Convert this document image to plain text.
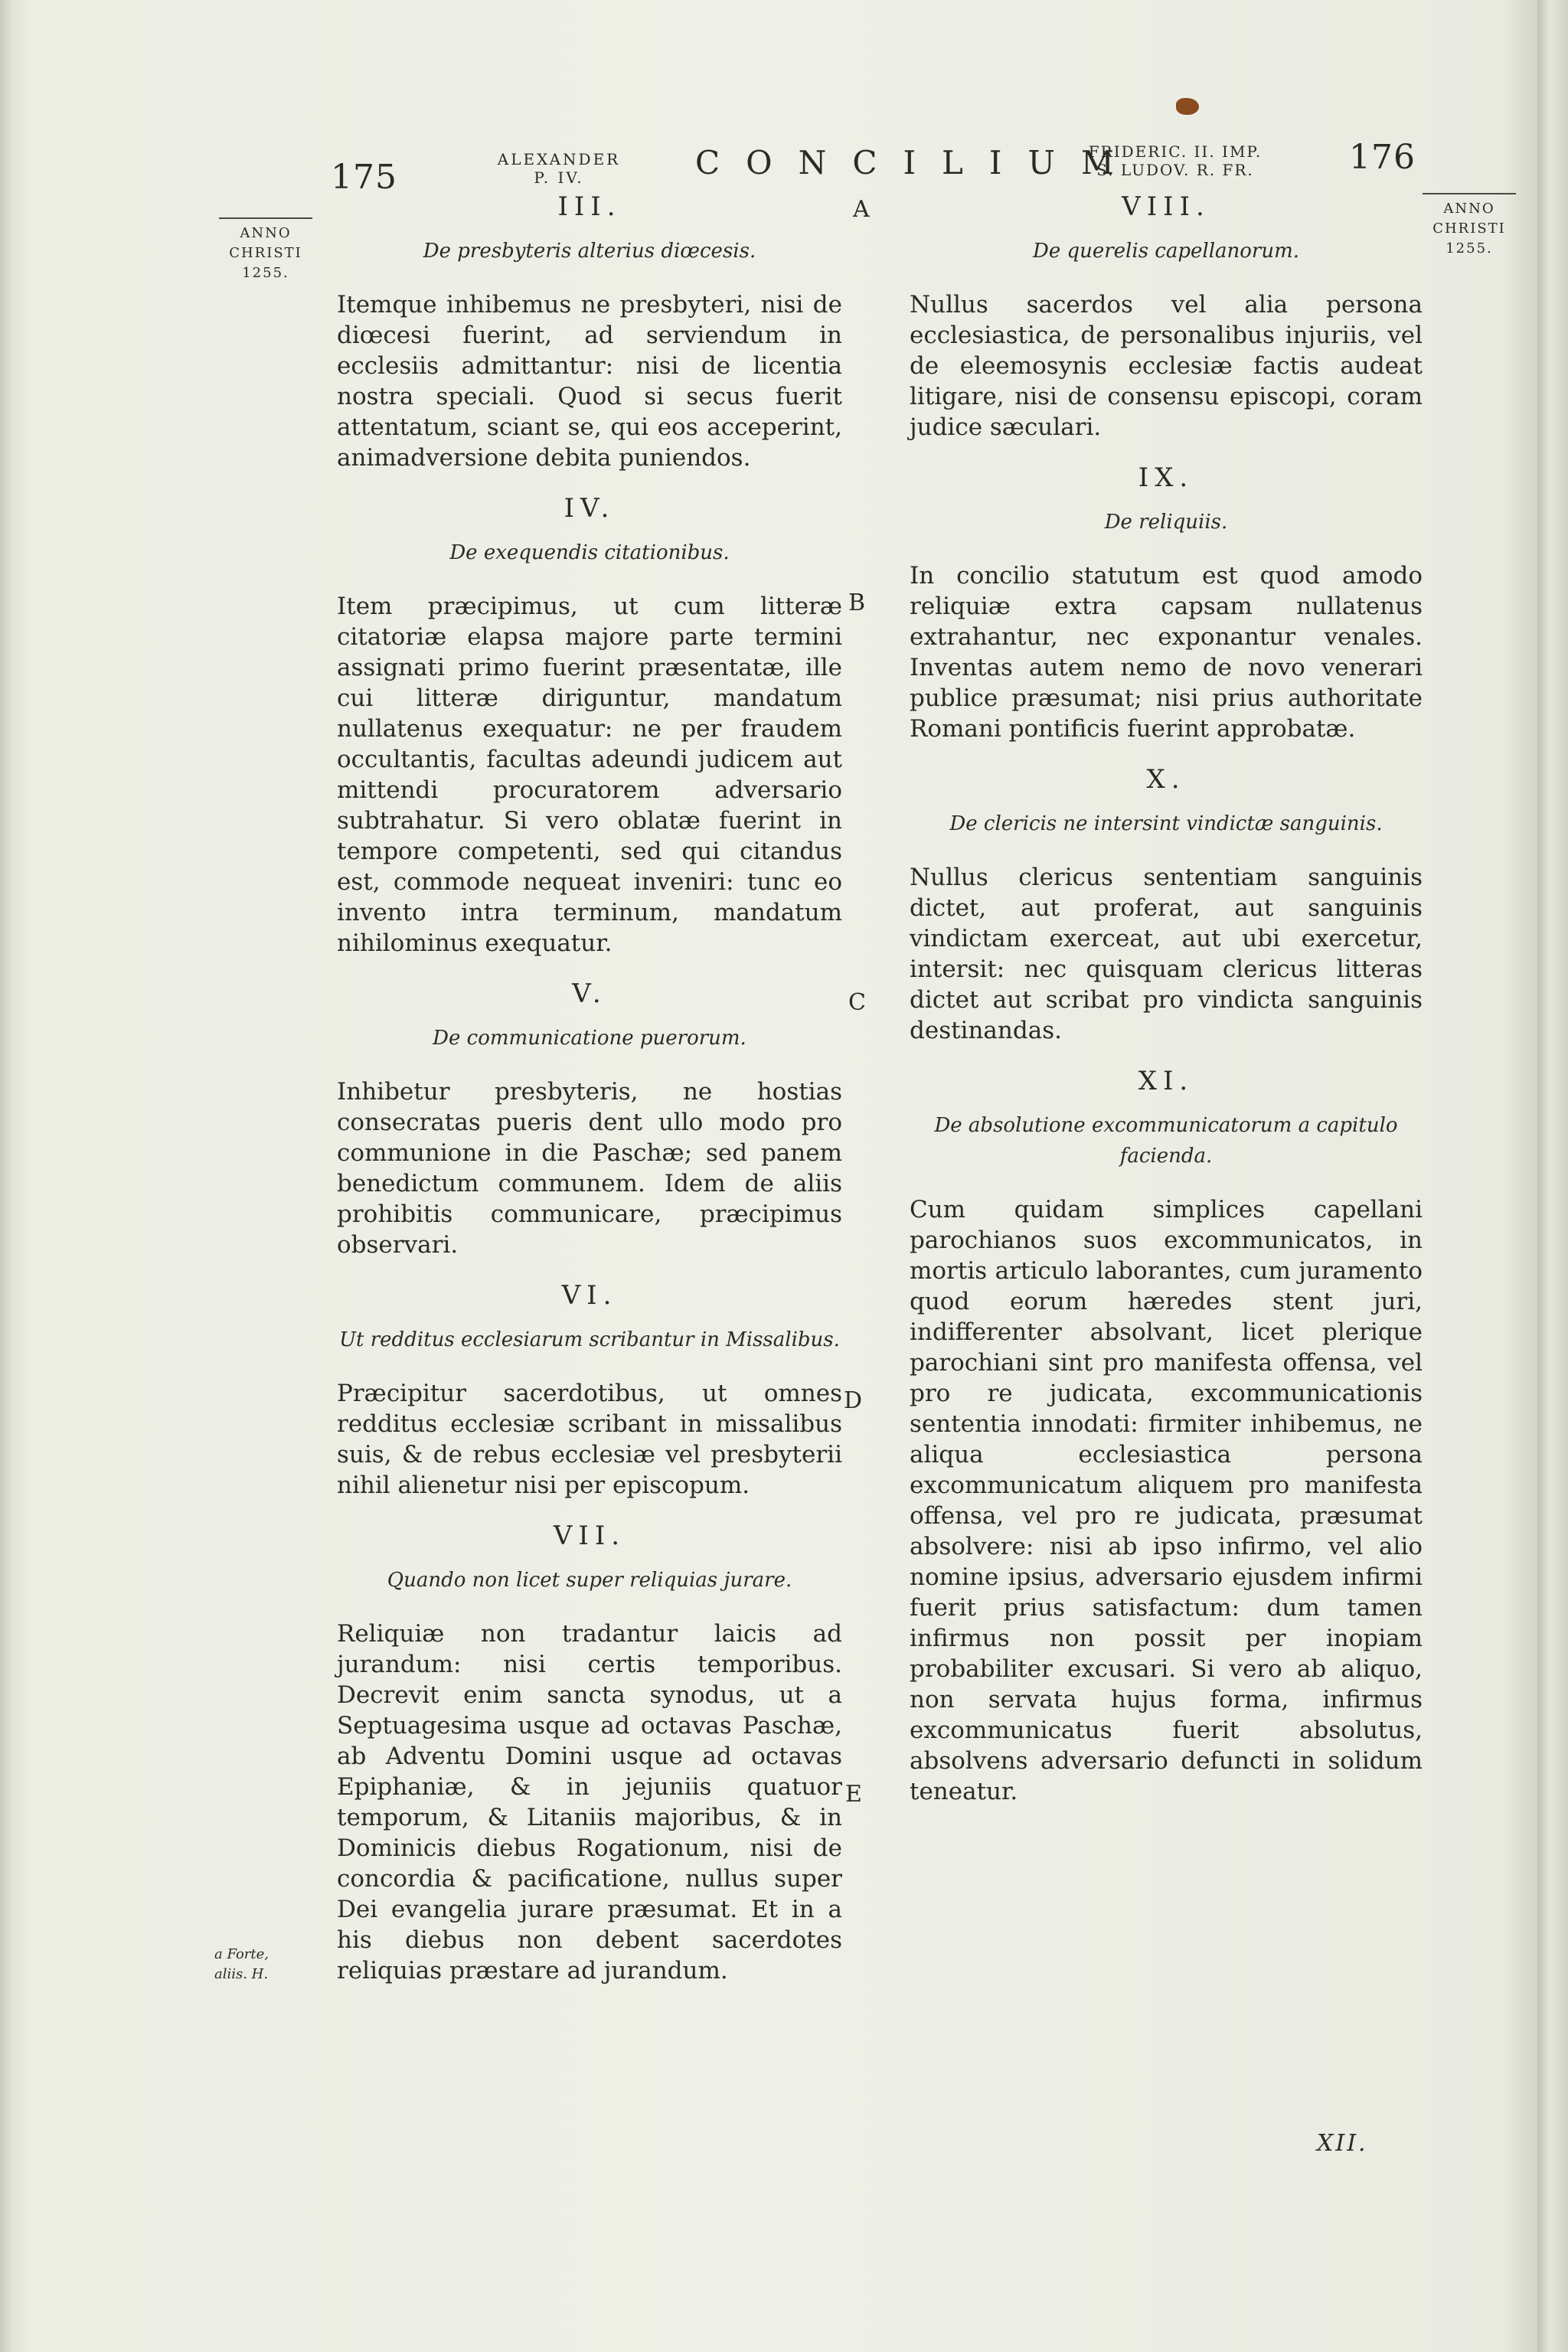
175	ALEXANDER
P. IV.	CONCILIUM
FRIDERIC. II. IMP.
S. LUDOV. R. FR.	176
ANNO
CHRISTI
1255.
ANNO
CHRISTI
1255.
A
B
C
D
E

III.

De presbyteris alterius diœcesis.

Itemque inhibemus ne presbyteri, nisi de diœcesi fuerint, ad serviendum in ecclesiis admittantur: nisi de licentia nostra speciali. Quod si secus fuerit attentatum, sciant se, qui eos acceperint, animadversione debita puniendos.

IV.

De exequendis citationibus.

Item præcipimus, ut cum litteræ citatoriæ elapsa majore parte termini assignati primo fuerint præsentatæ, ille cui litteræ diriguntur, mandatum nullatenus exequatur: ne per fraudem occultantis, facultas adeundi judicem aut mittendi procuratorem adversario subtrahatur. Si vero oblatæ fuerint in tempore competenti, sed qui citandus est, commode nequeat inveniri: tunc eo invento intra terminum, mandatum nihilominus exequatur.

V.

De communicatione puerorum.

Inhibetur presbyteris, ne hostias consecratas pueris dent ullo modo pro communione in die Paschæ; sed panem benedictum communem. Idem de aliis prohibitis communicare, præcipimus observari.

VI.

Ut redditus ecclesiarum scribantur in Missalibus.

Præcipitur sacerdotibus, ut omnes redditus ecclesiæ scribant in missalibus suis, & de rebus ecclesiæ vel presbyterii nihil alienetur nisi per episcopum.

VII.

Quando non licet super reliquias jurare.

Reliquiæ non tradantur laicis ad jurandum: nisi certis temporibus. Decrevit enim sancta synodus, ut a Septuagesima usque ad octavas Paschæ, ab Adventu Domini usque ad octavas Epiphaniæ, & in jejuniis quatuor temporum, & Litaniis majoribus, & in Dominicis diebus Rogationum, nisi de concordia & pacificatione, nullus super Dei evangelia jurare præsumat. Et in a his diebus non debent sacerdotes reliquias præstare ad jurandum.

VIII.

De querelis capellanorum.

Nullus sacerdos vel alia persona ecclesiastica, de personalibus injuriis, vel de eleemosynis ecclesiæ factis audeat litigare, nisi de consensu episcopi, coram judice sæculari.

IX.

De reliquiis.

In concilio statutum est quod amodo reliquiæ extra capsam nullatenus extrahantur, nec exponantur venales. Inventas autem nemo de novo venerari publice præsumat; nisi prius authoritate Romani pontificis fuerint approbatæ.

X.

De clericis ne intersint vindictæ sanguinis.

Nullus clericus sententiam sanguinis dictet, aut proferat, aut sanguinis vindictam exerceat, aut ubi exercetur, intersit: nec quisquam clericus litteras dictet aut scribat pro vindicta sanguinis destinandas.

XI.

De absolutione excommunicatorum a capitulo facienda.

Cum quidam simplices capellani parochianos suos excommunicatos, in mortis articulo laborantes, cum juramento quod eorum hæredes stent juri, indifferenter absolvant, licet plerique parochiani sint pro manifesta offensa, vel pro re judicata, excommunicationis sententia innodati: firmiter inhibemus, ne aliqua ecclesiastica persona excommunicatum aliquem pro manifesta offensa, vel pro re judicata, præsumat absolvere: nisi ab ipso infirmo, vel alio nomine ipsius, adversario ejusdem infirmi fuerit prius satisfactum: dum tamen infirmus non possit per inopiam probabiliter excusari. Si vero ab aliquo, non servata hujus forma, infirmus excommunicatus fuerit absolutus, absolvens adversario defuncti in solidum teneatur.

a Forte,
aliis. H.
XII.
